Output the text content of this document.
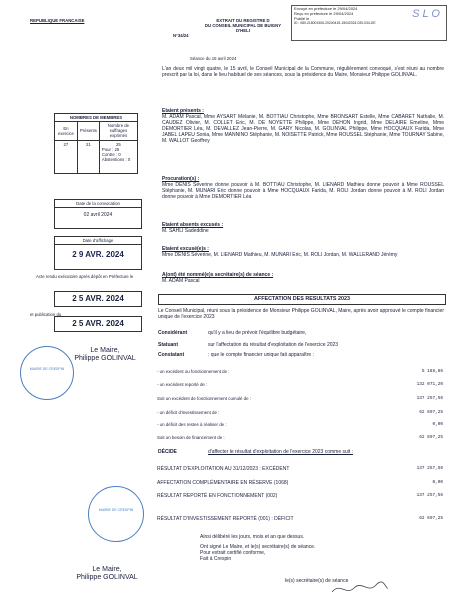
REPUBLIQUE FRANCAISE	EXTRAIT DU REGISTRE D
DU CONSEIL MUNICIPAL DE BUIGNY
D'HELI
N°34/24
Envoyé en préfecture le 29/04/2024
Reçu en préfecture le 29/04/2024
Publié le
ID : 080-218001506-20240415-15042024-DEL034-DE
S L O
Séance du 15 avril 2024
L'an deux mil vingt quatre, le 15 avril, le Conseil Municipal de la Commune, régulièrement convoqué, s'est réuni au nombre prescrit par la loi, dans le lieu habituel de ses séances, sous la présidence du Maire, Monsieur Philippe GOLINVAL.
NOMBRES DE MEMBRES		
En exercice	Présents	Nombre de suffrages exprimés
27	21	25
Pour : 25
Contre : 0
Abstentions : 0
Date de la convocation
02 avril 2024
Date d'affichage
2 9 AVR. 2024
Acte rendu exécutoire après dépôt en Préfecture le
2 5 AVR. 2024
et publication du
2 5 AVR. 2024
MAIRIE DE CRESPIN
Le Maire,
Philippe GOLINVAL
Etaient présents :
M. ADAM Pascal, Mme AYSART Mélanie, M. BOTTIAU Christophe, Mme BRONSART Estelle, Mme CABARET Nathalie, M. CAUDEZ Olivier, M. COLLET Eric, M. DE NOYETTE Philippe, Mme DEHON Ingrid, Mme DELAIRE Emeline, Mme DEMORTIER Léa, M. DEVALLEZ Jean-Pierre, M. GARY Nicolas, M. GOLINVAL Philippe, Mme HOCQUAUX Farida, Mme JABEL LAPEU Sonia, Mme MANNINO Stéphanie, M. NOISETTE Patrick, Mme ROUSSEL Stéphanie, Mme TOURNAY Sabine, M. WALLOT Geoffrey
Procuration(s) :
Mme DENIS Séverine donne pouvoir à M. BOTTIAU Christophe, M. LIENARD Mathieu donne pouvoir à Mme ROUSSEL Stéphanie, M. MUNARI Eric donne pouvoir à Mme HOCQUAUX Farida, M. ROLI Jordan donne pouvoir à M. ROLI Jordan donne pouvoir à Mme DEMORTIER Léa
Etaient absents excusés :
M. SAHLI Sadeddine
Etaient excusé(e)s :
Mme DENIS Séverine, M. LIENARD Mathieu, M. MUNARI Eric, M. ROLI Jordan, M. WALLERAND Jérémy
A(ont) été nommé(e)s secrétaire(s) de séance :
M. ADAM Pascal
AFFECTATION DES RESULTATS 2023
Le Conseil Municipal, réuni sous la présidence de Monsieur Philippe GOLINVAL, Maire, après avoir approuvé le compte financier unique de l'exercice 2023
Considérant	qu'il y a lieu de prévoir l'équilibre budgétaire,
Statuant	sur l'affectation du résultat d'exploitation de l'exercice 2023
Constatant	: que le compte financier unique fait apparaître :
- un excédent ou fonctionnement de :	5 188,86
- un excédent reporté de :	132 071,20
Soit un excédent de fonctionnement cumulé de :	137 257,56
- un déficit d'investissement de :	62 697,25
- un déficit des restes à réaliser de :	0,00
Soit un besoin de financement de :	62 697,25
DÉCIDE	d'affecter le résultat d'exploitation de l'exercice 2023 comme suit :
RÉSULTAT D'EXPLOITATION AU 31/12/2023 : EXCÉDENT	137 257,56
AFFECTATION COMPLÉMENTAIRE EN RÉSERVE (1068)	0,00
RÉSULTAT REPORTÉ EN FONCTIONNEMENT (002)	137 257,56
RÉSULTAT D'INVESTISSEMENT REPORTÉ (001) : DÉFICIT	62 697,25
Ainsi délibéré les jours, mois et an que dessus.
Ont signé Le Maire, et le(s) secrétaire(s) de séance.
Pour extrait certifié conforme,
Fait à Crespin
MAIRIE DE CRESPIN
Le Maire,
Philippe GOLINVAL	le(s) secrétaire(s) de séance
